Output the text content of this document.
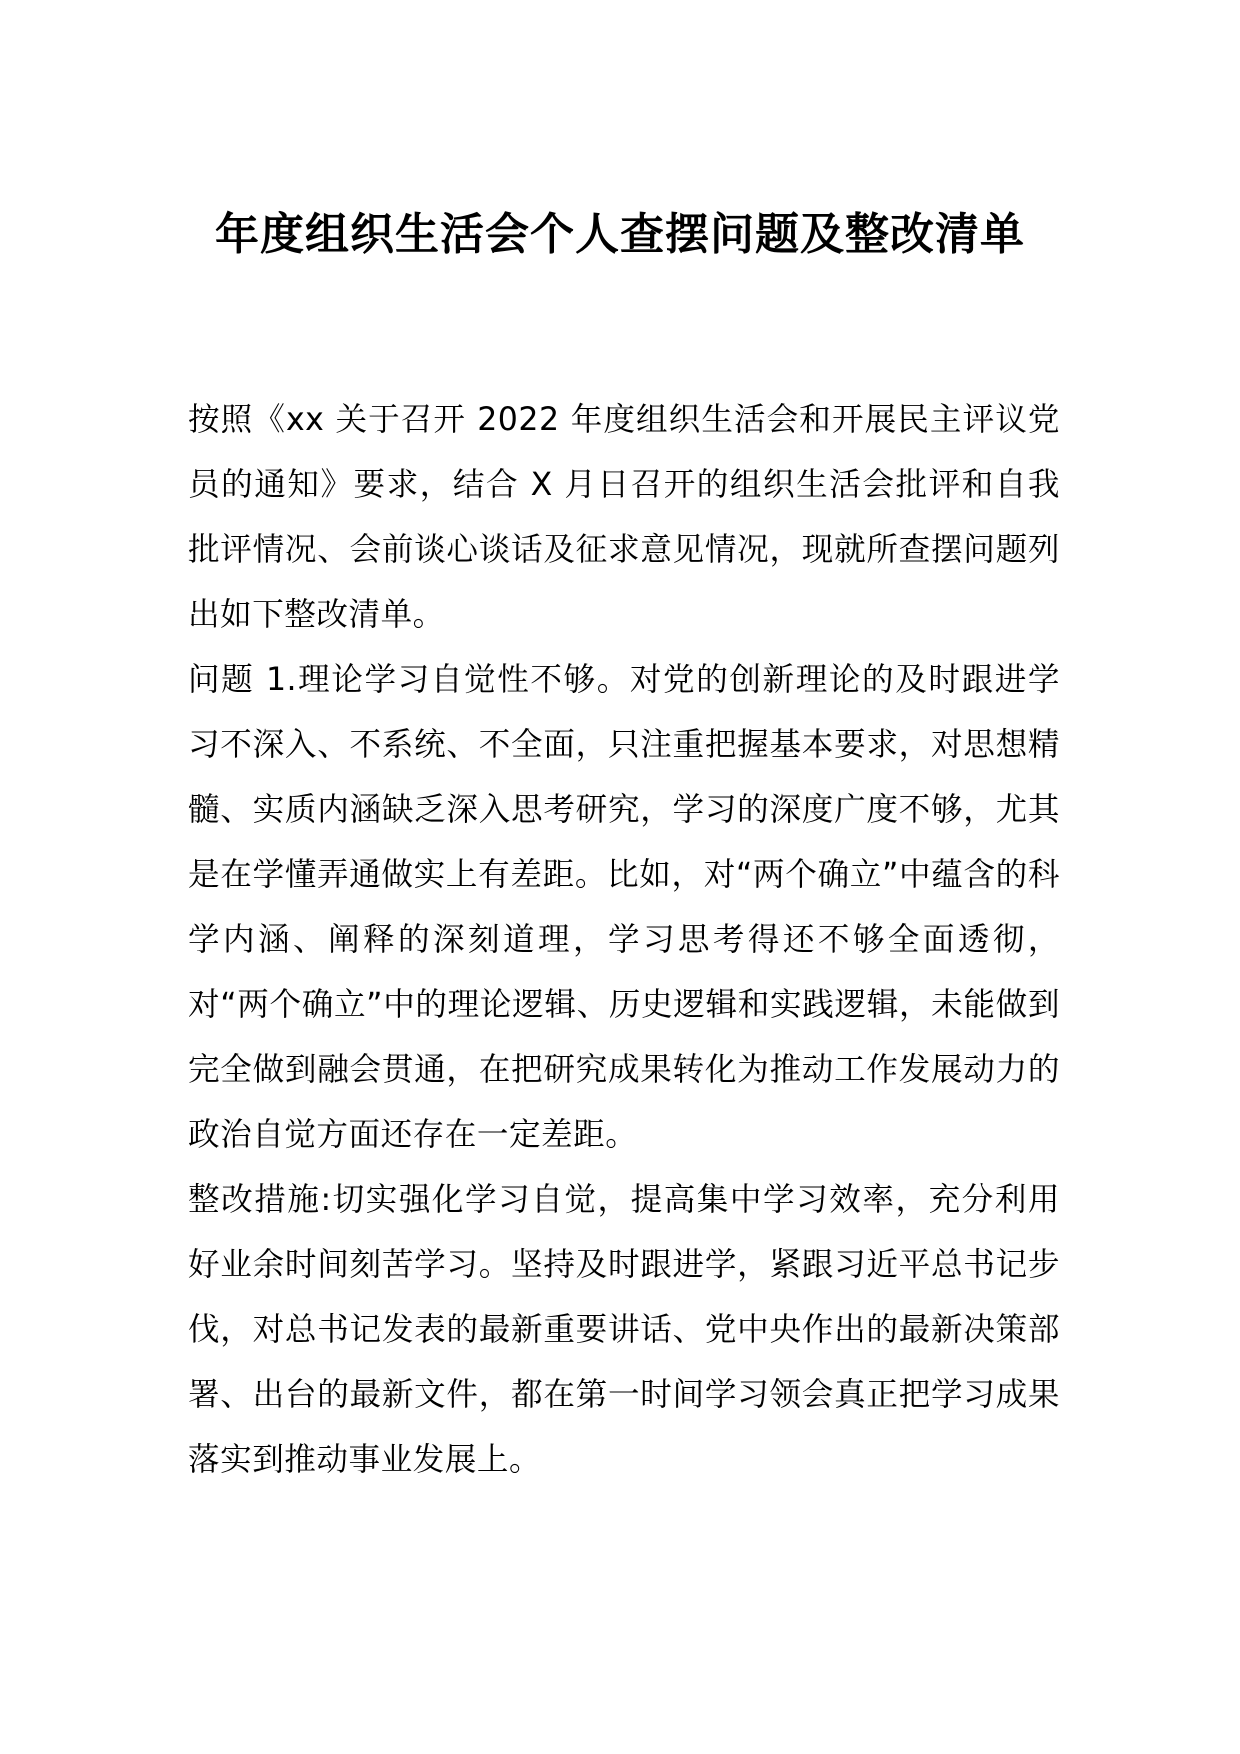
年度组织生活会个人查摆问题及整改清单

按照《xx 关于召开 2022 年度组织生活会和开展民主评议党员的通知》要求，结合 X 月日召开的组织生活会批评和自我批评情况、会前谈心谈话及征求意见情况，现就所查摆问题列出如下整改清单。

问题 1.理论学习自觉性不够。对党的创新理论的及时跟进学习不深入、不系统、不全面，只注重把握基本要求，对思想精髓、实质内涵缺乏深入思考研究，学习的深度广度不够，尤其是在学懂弄通做实上有差距。比如，对“两个确立”中蕴含的科学内涵、阐释的深刻道理，学习思考得还不够全面透彻，对“两个确立”中的理论逻辑、历史逻辑和实践逻辑，未能做到完全做到融会贯通，在把研究成果转化为推动工作发展动力的政治自觉方面还存在一定差距。

整改措施:切实强化学习自觉，提高集中学习效率，充分利用好业余时间刻苦学习。坚持及时跟进学，紧跟习近平总书记步伐，对总书记发表的最新重要讲话、党中央作出的最新决策部署、出台的最新文件，都在第一时间学习领会真正把学习成果落实到推动事业发展上。
